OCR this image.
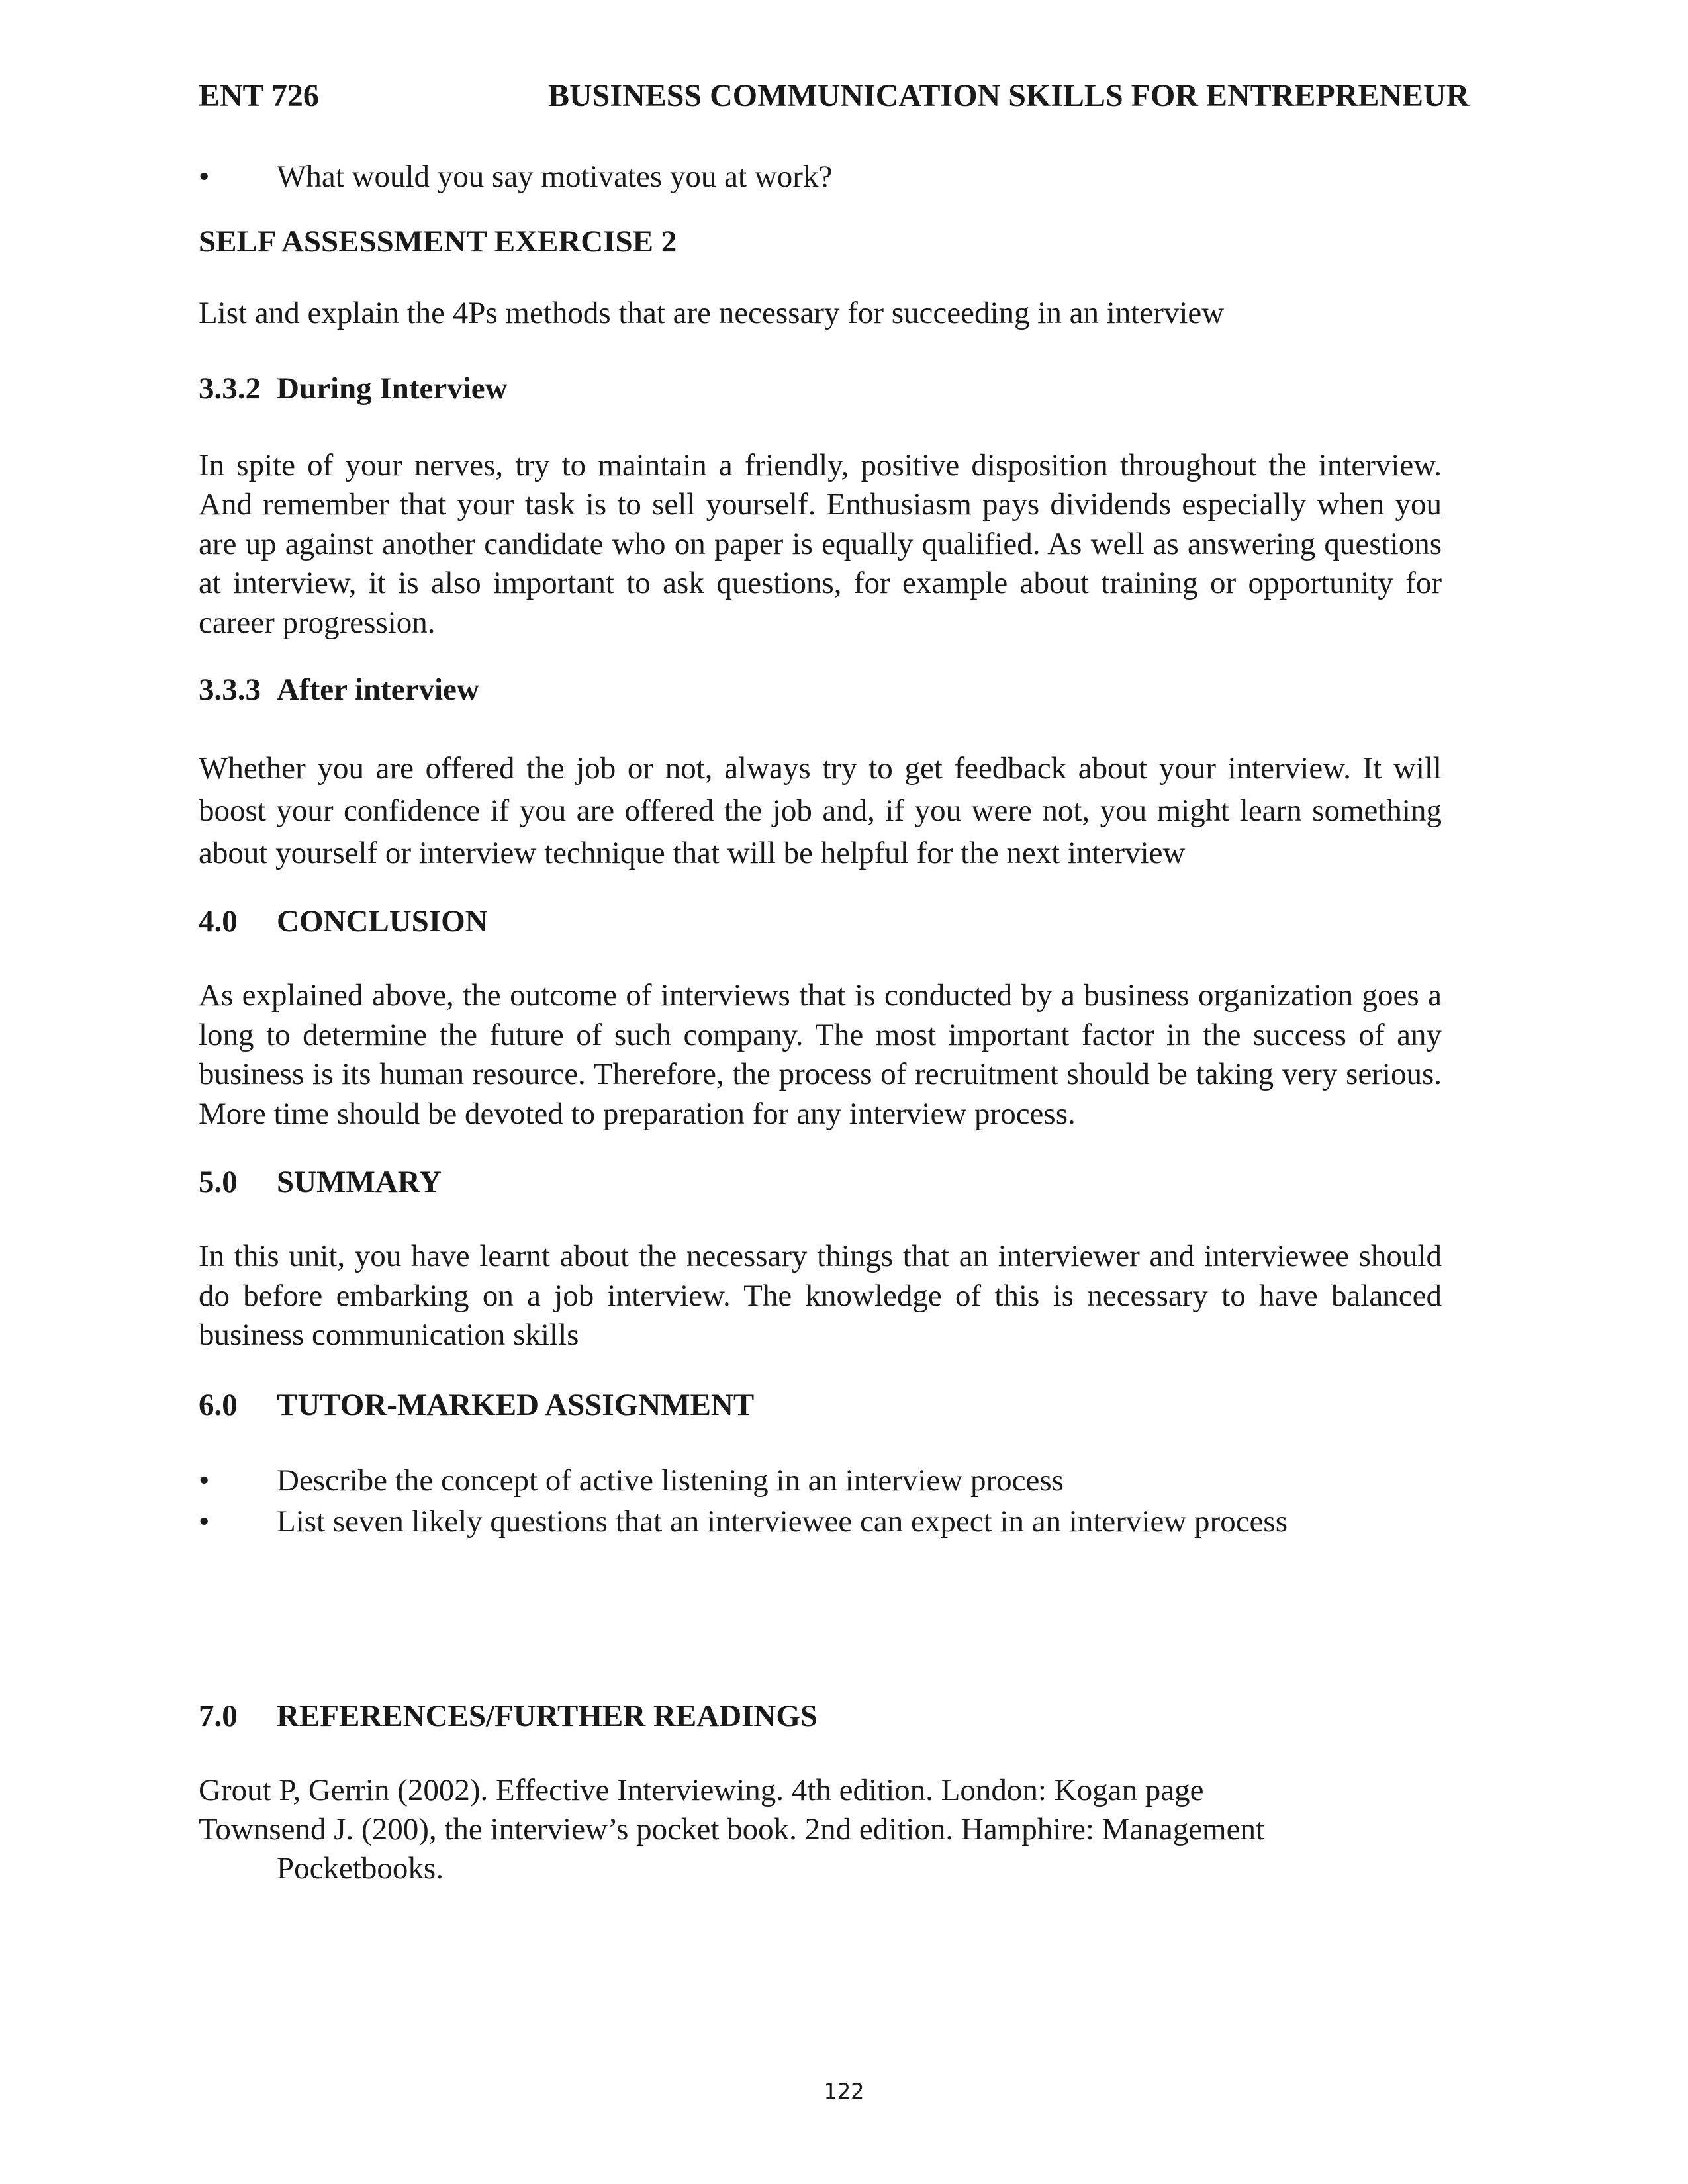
ENT 726	BUSINESS COMMUNICATION SKILLS FOR ENTREPRENEUR
•	What would you say motivates you at work?
SELF ASSESSMENT EXERCISE 2

List and explain the 4Ps methods that are necessary for succeeding in an interview

3.3.2 During Interview

In spite of your nerves, try to maintain a friendly, positive disposition throughout the interview. And remember that your task is to sell yourself. Enthusiasm pays dividends especially when you are up against another candidate who on paper is equally qualified. As well as answering questions at interview, it is also important to ask questions, for example about training or opportunity for career progression.

3.3.3 After interview

Whether you are offered the job or not, always try to get feedback about your interview. It will boost your confidence if you are offered the job and, if you were not, you might learn something about yourself or interview technique that will be helpful for the next interview

4.0 CONCLUSION

As explained above, the outcome of interviews that is conducted by a business organization goes a long to determine the future of such company. The most important factor in the success of any business is its human resource. Therefore, the process of recruitment should be taking very serious. More time should be devoted to preparation for any interview process.

5.0 SUMMARY

In this unit, you have learnt about the necessary things that an interviewer and interviewee should do before embarking on a job interview. The knowledge of this is necessary to have balanced business communication skills

6.0 TUTOR-MARKED ASSIGNMENT
•	Describe the concept of active listening in an interview process
•	List seven likely questions that an interviewee can expect in an interview process
7.0 REFERENCES/FURTHER READINGS
Grout P, Gerrin (2002). Effective Interviewing. 4th edition. London: Kogan page
Townsend J. (200), the interview’s pocket book. 2nd edition. Hamphire: Management Pocketbooks.
122
